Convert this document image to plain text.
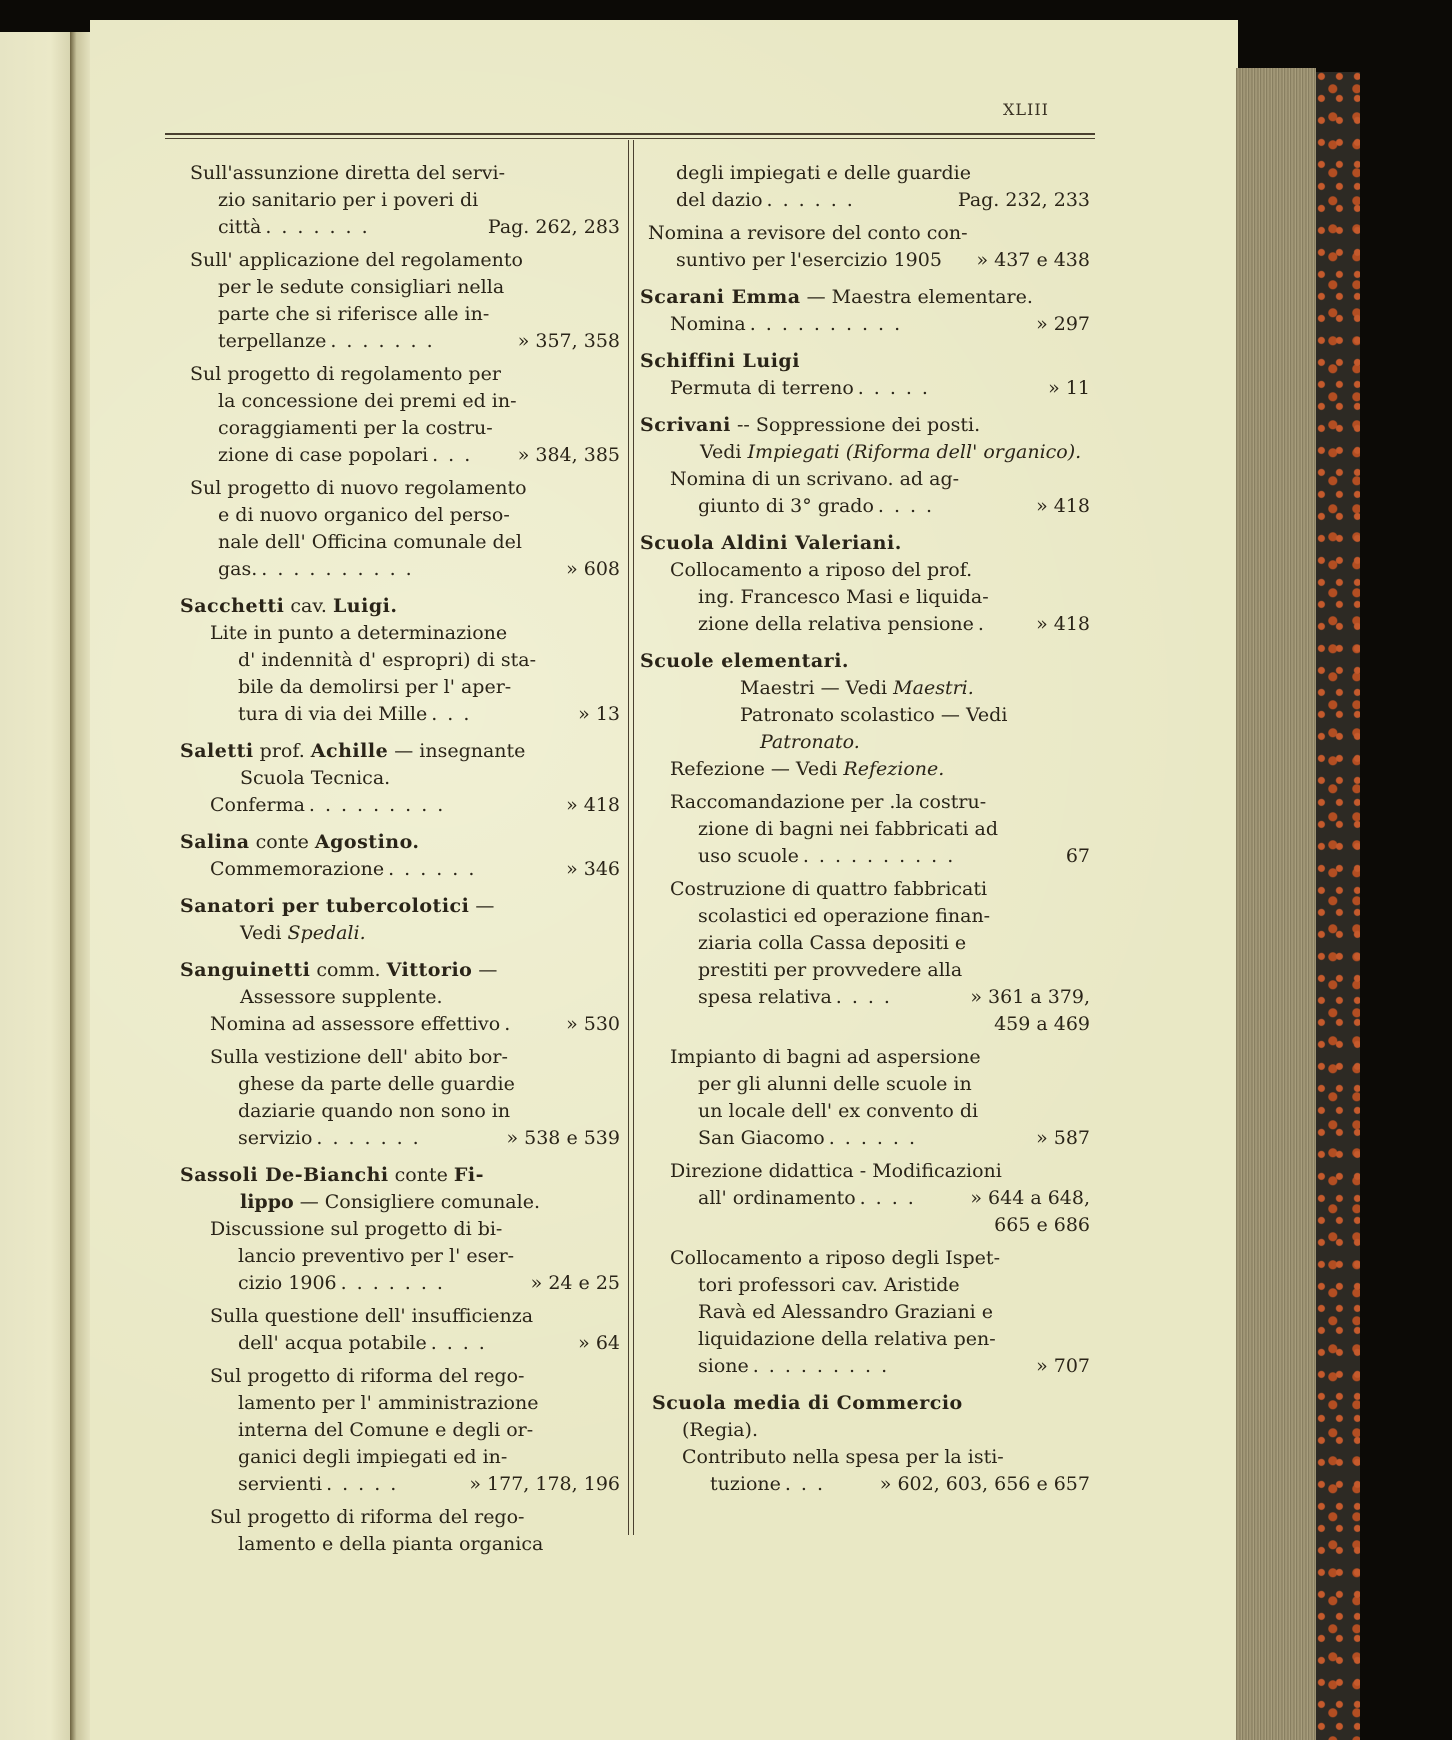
XLIII
Sull'assunzione diretta del servi-
zio sanitario per i poveri di
città .......	Pag. 262, 283
Sull' applicazione del regolamento
per le sedute consigliari nella
parte che si riferisce alle in-
terpellanze .......	» 357, 358
Sul progetto di regolamento per
la concessione dei premi ed in-
coraggiamenti per la costru-
zione di case popolari ...	» 384, 385
Sul progetto di nuovo regolamento
e di nuovo organico del perso-
nale dell' Officina comunale del
gas. ..........	» 608
Sacchetti cav. Luigi.
Lite in punto a determinazione
d' indennità d' espropri) di sta-
bile da demolirsi per l' aper-
tura di via dei Mille ...	» 13
Saletti prof. Achille — insegnante
Scuola Tecnica.
Conferma .........	» 418
Salina conte Agostino.
Commemorazione ......	» 346
Sanatori per tubercolotici —
Vedi Spedali.
Sanguinetti comm. Vittorio —
Assessore supplente.
Nomina ad assessore effettivo .	» 530
Sulla vestizione dell' abito bor-
ghese da parte delle guardie
daziarie quando non sono in
servizio .......	» 538 e 539
Sassoli De-Bianchi conte Fi-
lippo — Consigliere comunale.
Discussione sul progetto di bi-
lancio preventivo per l' eser-
cizio 1906 .......	» 24 e 25
Sulla questione dell' insufficienza
dell' acqua potabile ....	» 64
Sul progetto di riforma del rego-
lamento per l' amministrazione
interna del Comune e degli or-
ganici degli impiegati ed in-
servienti .....	» 177, 178, 196
Sul progetto di riforma del rego-
lamento e della pianta organica
degli impiegati e delle guardie
del dazio ......	Pag. 232, 233
Nomina a revisore del conto con-
suntivo per l'esercizio 1905 » 437 e 438
Scarani Emma — Maestra elementare.
Nomina ..........	» 297
Schiffini Luigi
Permuta di terreno .....	» 11
Scrivani -- Soppressione dei posti.
Vedi Impiegati (Riforma dell' organico).
Nomina di un scrivano. ad ag-
giunto di 3° grado ....	» 418
Scuola Aldini Valeriani.
Collocamento a riposo del prof.
ing. Francesco Masi e liquida-
zione della relativa pensione .	» 418
Scuole elementari.
Maestri — Vedi Maestri.
Patronato scolastico — Vedi
Patronato.
Refezione — Vedi Refezione.
Raccomandazione per .la costru-
zione di bagni nei fabbricati ad
uso scuole ..........	67
Costruzione di quattro fabbricati
scolastici ed operazione finan-
ziaria colla Cassa depositi e
prestiti per provvedere alla
spesa relativa ....	» 361 a 379,
459 a 469
Impianto di bagni ad aspersione
per gli alunni delle scuole in
un locale dell' ex convento di
San Giacomo ......	» 587
Direzione didattica - Modificazioni
all' ordinamento ....	» 644 a 648,
665 e 686
Collocamento a riposo degli Ispet-
tori professori cav. Aristide
Ravà ed Alessandro Graziani e
liquidazione della relativa pen-
sione .........	» 707
Scuola media di Commercio
(Regia).
Contributo nella spesa per la isti-
tuzione ...	» 602, 603, 656 e 657
